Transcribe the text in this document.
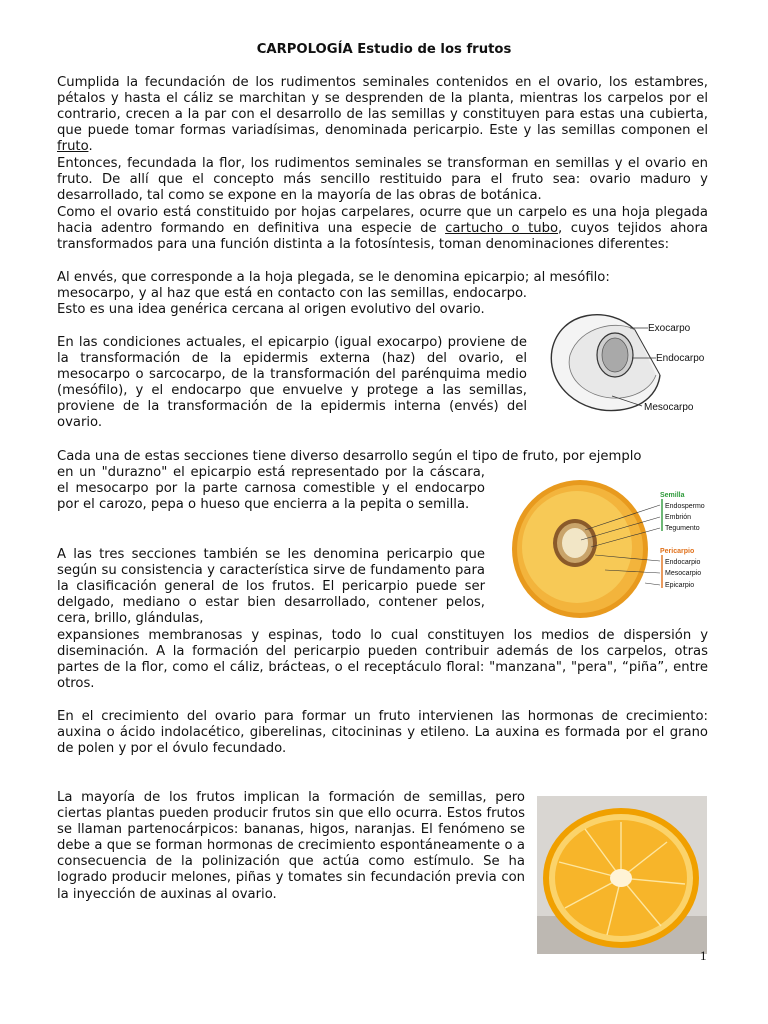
CARPOLOGÍA Estudio de los frutos
Cumplida la fecundación de los rudimentos seminales contenidos en el ovario, los estambres, pétalos y hasta el cáliz se marchitan y se desprenden de la planta, mientras los carpelos por el contrario, crecen a la par con el desarrollo de las semillas y constituyen para estas una cubierta, que puede tomar formas variadísimas, denominada pericarpio. Este y las semillas componen el fruto.
Entonces, fecundada la flor, los rudimentos seminales se transforman en semillas y el ovario en fruto. De allí que el concepto más sencillo restituido para el fruto sea: ovario maduro y desarrollado, tal como se expone en la mayoría de las obras de botánica.
Como el ovario está constituido por hojas carpelares, ocurre que un carpelo es una hoja plegada hacia adentro formando en definitiva una especie de cartucho o tubo, cuyos tejidos ahora transformados para una función distinta a la fotosíntesis, toman denominaciones diferentes:
Al envés, que corresponde a la hoja plegada, se le denomina epicarpio; al mesófilo:
mesocarpo, y al haz que está en contacto con las semillas, endocarpo. Esto es una idea genérica cercana al origen evolutivo del ovario.
En las condiciones actuales, el epicarpio (igual exocarpo) proviene de la transformación de la epidermis externa (haz) del ovario, el mesocarpo o sarcocarpo, de la transformación del parénquima medio (mesófilo), y el endocarpo que envuelve y protege a las semillas, proviene de la transformación de la epidermis interna (envés) del ovario.
Exocarpo
Endocarpo
Mesocarpo
Cada una de estas secciones tiene diverso desarrollo según el tipo de fruto, por ejemplo
en un "durazno" el epicarpio está representado por la cáscara, el mesocarpo por la parte carnosa comestible y el endocarpo por el carozo, pepa o hueso que encierra a la pepita o semilla.
A las tres secciones también se les denomina pericarpio que según su consistencia y característica sirve de fundamento para la clasificación general de los frutos. El pericarpio puede ser delgado, mediano o estar bien desarrollado, contener pelos, cera, brillo, glándulas,
expansiones membranosas y espinas, todo lo cual constituyen los medios de dispersión y diseminación. A la formación del pericarpio pueden contribuir además de los carpelos, otras partes de la flor, como el cáliz, brácteas, o el receptáculo floral: "manzana", "pera", “piña”, entre otros.
Semilla
Endospermo
Embrión
Tegumento
Pericarpio
Endocarpio
Mesocarpio
Epicarpio
En el crecimiento del ovario para formar un fruto intervienen las hormonas de crecimiento: auxina o ácido indolacético, giberelinas, citocininas y etileno. La auxina es formada por el grano de polen y por el óvulo fecundado.
La mayoría de los frutos implican la formación de semillas, pero ciertas plantas pueden producir frutos sin que ello ocurra. Estos frutos se llaman partenocárpicos: bananas, higos, naranjas. El fenómeno se debe a que se forman hormonas de crecimiento espontáneamente o a consecuencia de la polinización que actúa como estímulo. Se ha logrado producir melones, piñas y tomates sin fecundación previa con la inyección de auxinas al ovario.
1
